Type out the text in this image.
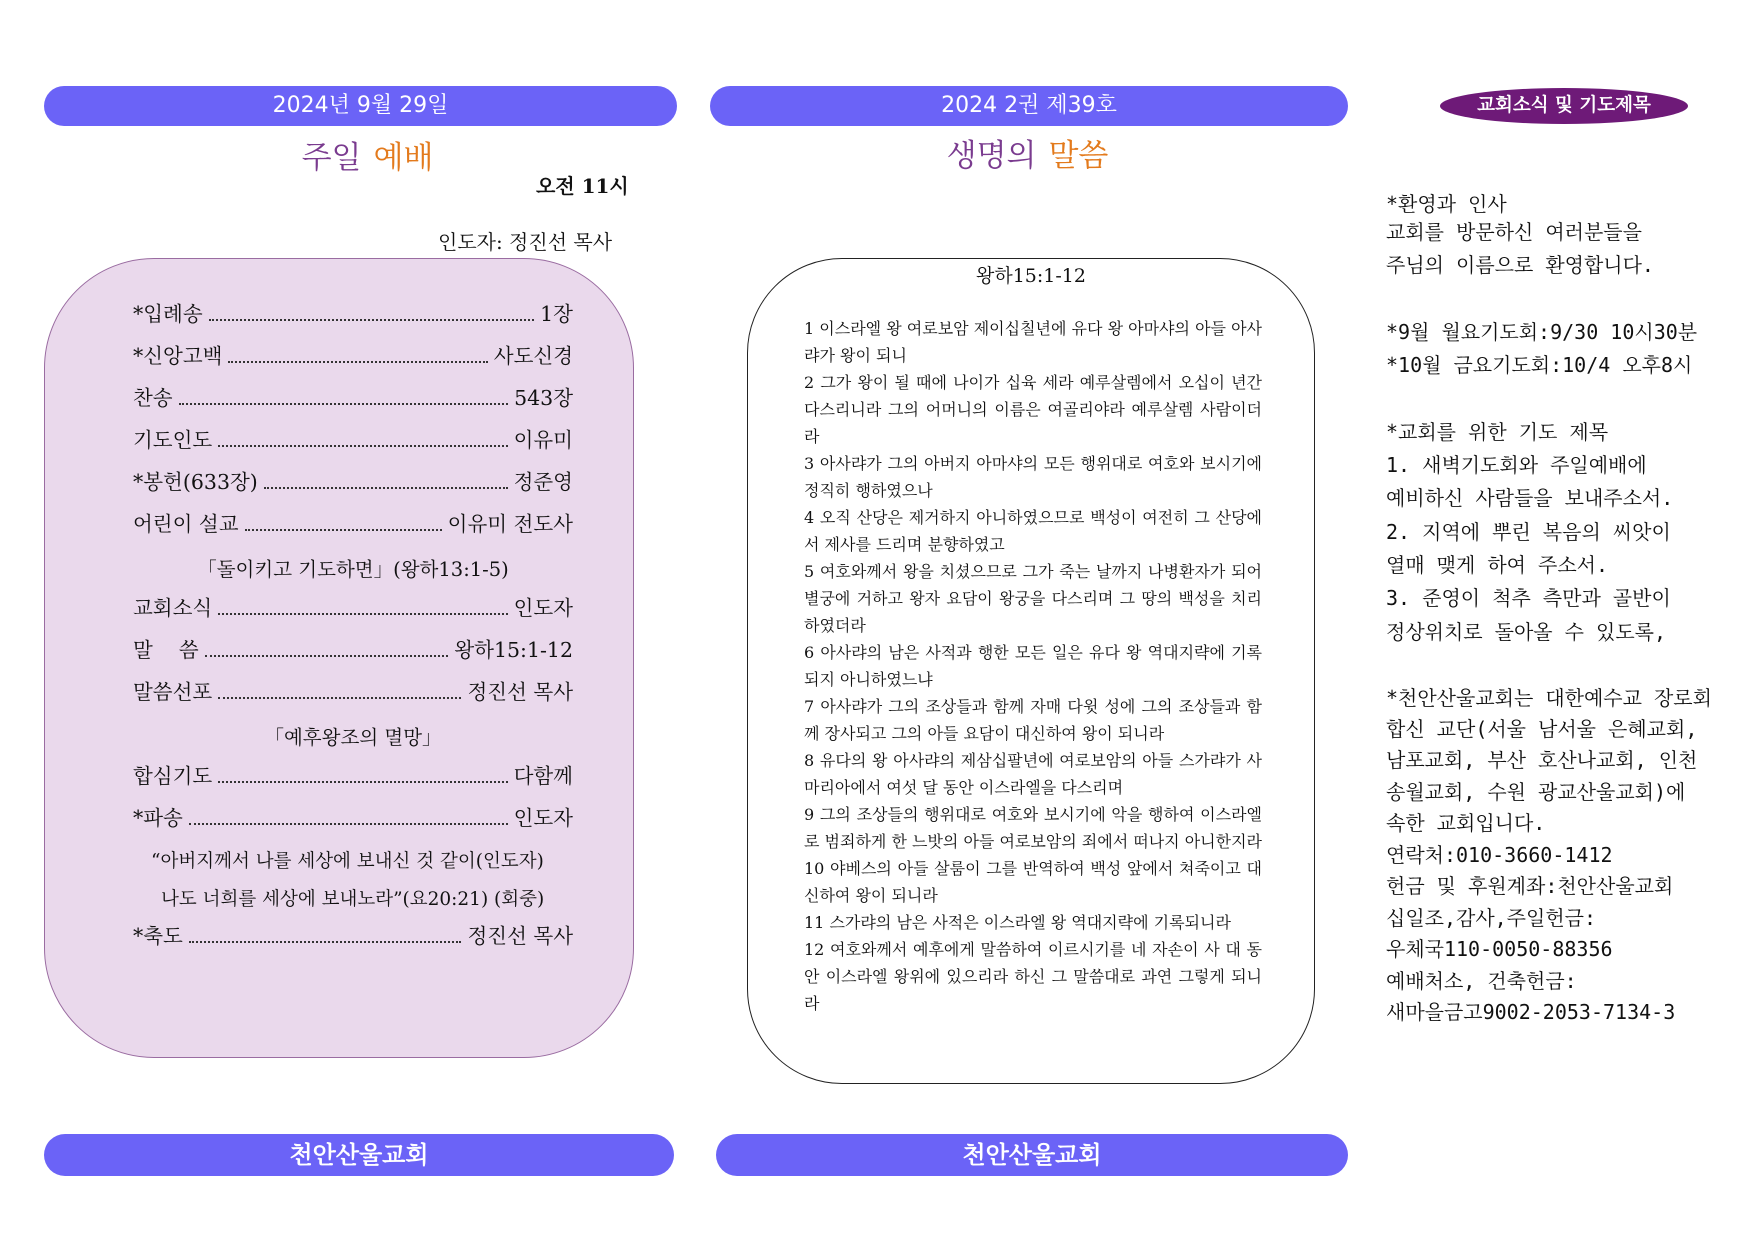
2024년 9월 29일
주일 예배
오전 11시
인도자: 정진선 목사
*입례송	1장
*신앙고백	사도신경
찬송	543장
기도인도	이유미
*봉헌(633장)	정준영
어린이 설교	이유미 전도사
「돌이키고 기도하면」(왕하13:1-5)
교회소식	인도자
말    씀	왕하15:1-12
말씀선포	정진선 목사
「예후왕조의 멸망」
합심기도	다함께
*파송	인도자
“아버지께서 나를 세상에 보내신 것 같이(인도자)
나도 너희를 세상에 보내노라”(요20:21) (회중)
*축도	정진선 목사
천안산울교회
2024 2권 제39호
생명의 말씀
왕하15:1-12
1 이스라엘 왕 여로보암 제이십칠년에 유다 왕 아마샤의 아들 아사랴가 왕이 되니
2 그가 왕이 될 때에 나이가 십육 세라 예루살렘에서 오십이 년간 다스리니라 그의 어머니의 이름은 여골리야라 예루살렘 사람이더라
3 아사랴가 그의 아버지 아마샤의 모든 행위대로 여호와 보시기에 정직히 행하였으나
4 오직 산당은 제거하지 아니하였으므로 백성이 여전히 그 산당에서 제사를 드리며 분향하였고
5 여호와께서 왕을 치셨으므로 그가 죽는 날까지 나병환자가 되어 별궁에 거하고 왕자 요담이 왕궁을 다스리며 그 땅의 백성을 치리하였더라
6 아사랴의 남은 사적과 행한 모든 일은 유다 왕 역대지략에 기록되지 아니하였느냐
7 아사랴가 그의 조상들과 함께 자매 다윗 성에 그의 조상들과 함께 장사되고 그의 아들 요담이 대신하여 왕이 되니라
8 유다의 왕 아사랴의 제삼십팔년에 여로보암의 아들 스가랴가 사마리아에서 여섯 달 동안 이스라엘을 다스리며
9 그의 조상들의 행위대로 여호와 보시기에 악을 행하여 이스라엘로 범죄하게 한 느밧의 아들 여로보암의 죄에서 떠나지 아니한지라
10 야베스의 아들 살룸이 그를 반역하여 백성 앞에서 쳐죽이고 대신하여 왕이 되니라
11 스가랴의 남은 사적은 이스라엘 왕 역대지략에 기록되니라
12 여호와께서 예후에게 말씀하여 이르시기를 네 자손이 사 대 동안 이스라엘 왕위에 있으리라 하신 그 말씀대로 과연 그렇게 되니라
천안산울교회
교회소식 및 기도제목
*환영과 인사
교회를 방문하신 여러분들을
주님의 이름으로 환영합니다.
*9월 월요기도회:9/30 10시30분
*10월 금요기도회:10/4 오후8시
*교회를 위한 기도 제목
1. 새벽기도회와 주일예배에
예비하신 사람들을 보내주소서.
2. 지역에 뿌린 복음의 씨앗이
열매 맺게 하여 주소서.
3. 준영이 척추 측만과 골반이
정상위치로 돌아올 수 있도록,
*천안산울교회는 대한예수교 장로회
합신 교단(서울 남서울 은혜교회,
남포교회, 부산 호산나교회, 인천
송월교회, 수원 광교산울교회)에
속한 교회입니다.
연락처:010-3660-1412
헌금 및 후원계좌:천안산울교회
십일조,감사,주일헌금:
우체국110-0050-88356
예배처소, 건축헌금:
새마을금고9002-2053-7134-3
